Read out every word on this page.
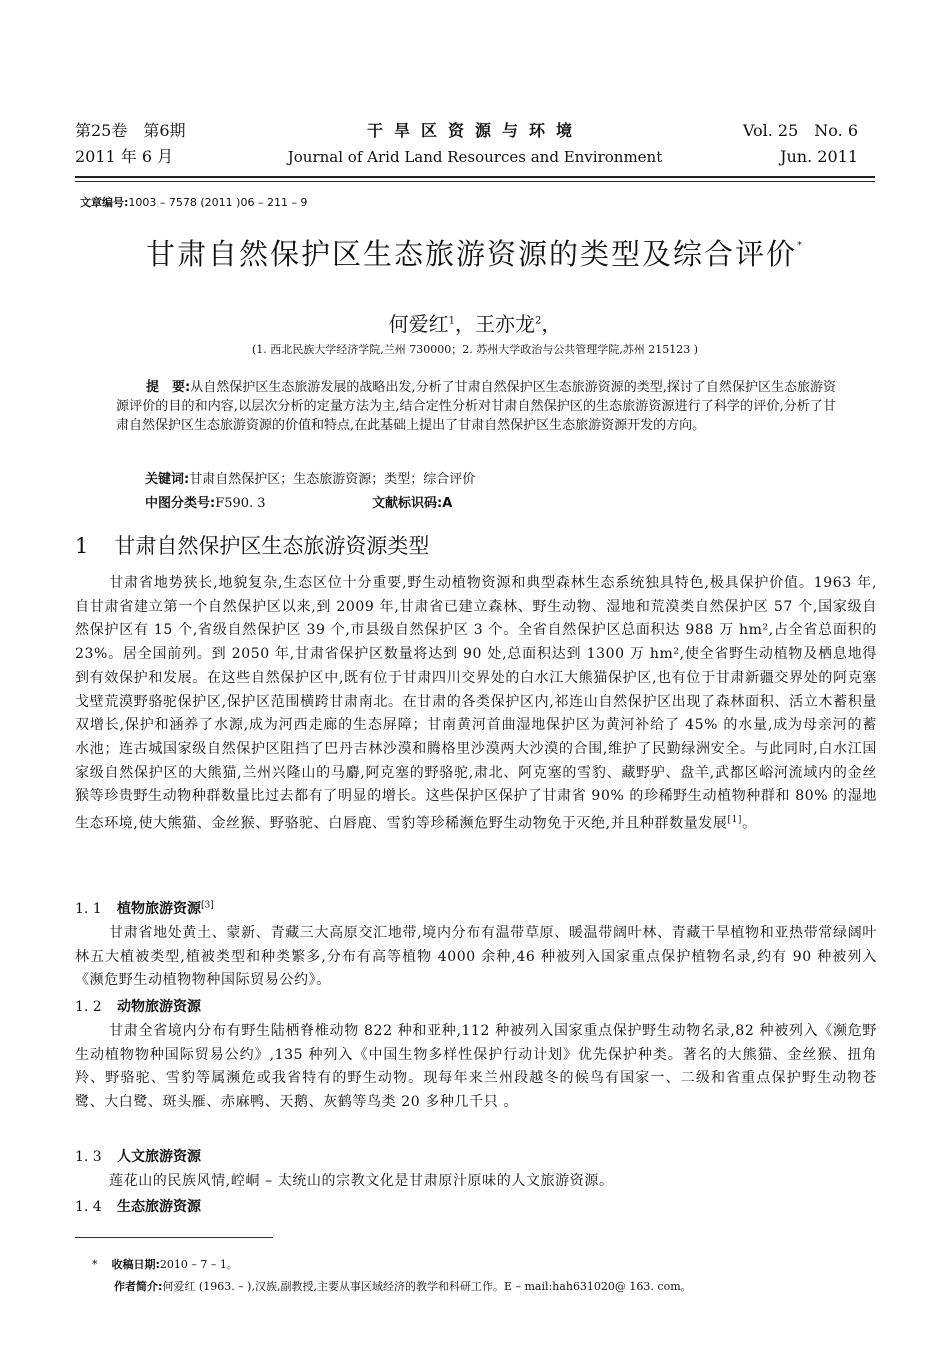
第25卷　第6期
2011 年 6 月
干旱区资源与环境
Journal of Arid Land Resources and Environment
Vol. 25　No. 6
Jun. 2011
文章编号:1003 – 7578 (2011 )06 – 211 – 9
甘肃自然保护区生态旅游资源的类型及综合评价*
何爱红$^1$，王亦龙$^2$，
(1. 西北民族大学经济学院,兰州 730000；2. 苏州大学政治与公共管理学院,苏州 215123 )
提　要:从自然保护区生态旅游发展的战略出发,分析了甘肃自然保护区生态旅游资源的类型,探讨了自然保护区生态旅游资源评价的目的和内容,以层次分析的定量方法为主,结合定性分析对甘肃自然保护区的生态旅游资源进行了科学的评价,分析了甘肃自然保护区生态旅游资源的价值和特点,在此基础上提出了甘肃自然保护区生态旅游资源开发的方向。
关键词:甘肃自然保护区；生态旅游资源；类型；综合评价
中图分类号:F590. 3	文献标识码:A
1 甘肃自然保护区生态旅游资源类型
甘肃省地势狭长,地貌复杂,生态区位十分重要,野生动植物资源和典型森林生态系统独具特色,极具保护价值。1963 年,自甘肃省建立第一个自然保护区以来,到 2009 年,甘肃省已建立森林、野生动物、湿地和荒漠类自然保护区 57 个,国家级自然保护区有 15 个,省级自然保护区 39 个,市县级自然保护区 3 个。全省自然保护区总面积达 988 万 hm²,占全省总面积的 23%。居全国前列。到 2050 年,甘肃省保护区数量将达到 90 处,总面积达到 1300 万 hm²,使全省野生动植物及栖息地得到有效保护和发展。在这些自然保护区中,既有位于甘肃四川交界处的白水江大熊猫保护区,也有位于甘肃新疆交界处的阿克塞戈壁荒漠野骆驼保护区,保护区范围横跨甘肃南北。在甘肃的各类保护区内,祁连山自然保护区出现了森林面积、活立木蓄积量双增长,保护和涵养了水源,成为河西走廊的生态屏障；甘南黄河首曲湿地保护区为黄河补给了 45% 的水量,成为母亲河的蓄水池；连古城国家级自然保护区阻挡了巴丹吉林沙漠和腾格里沙漠两大沙漠的合围,维护了民勤绿洲安全。与此同时,白水江国家级自然保护区的大熊猫,兰州兴隆山的马麝,阿克塞的野骆驼,肃北、阿克塞的雪豹、藏野驴、盘羊,武都区峪河流域内的金丝猴等珍贵野生动物种群数量比过去都有了明显的增长。这些保护区保护了甘肃省 90% 的珍稀野生动植物种群和 80% 的湿地生态环境,使大熊猫、金丝猴、野骆驼、白唇鹿、雪豹等珍稀濒危野生动物免于灭绝,并且种群数量发展[1]。
1. 1 植物旅游资源[3]
甘肃省地处黄土、蒙新、青藏三大高原交汇地带,境内分布有温带草原、暖温带阔叶林、青藏干旱植物和亚热带常绿阔叶林五大植被类型,植被类型和种类繁多,分布有高等植物 4000 余种,46 种被列入国家重点保护植物名录,约有 90 种被列入《濒危野生动植物物种国际贸易公约》。
1. 2 动物旅游资源
甘肃全省境内分布有野生陆栖脊椎动物 822 种和亚种,112 种被列入国家重点保护野生动物名录,82 种被列入《濒危野生动植物物种国际贸易公约》,135 种列入《中国生物多样性保护行动计划》优先保护种类。著名的大熊猫、金丝猴、扭角羚、野骆驼、雪豹等属濒危或我省特有的野生动物。现每年来兰州段越冬的候鸟有国家一、二级和省重点保护野生动物苍鹭、大白鹭、斑头雁、赤麻鸭、天鹅、灰鹤等鸟类 20 多种几千只 。
1. 3 人文旅游资源
莲花山的民族风情,崆峒 – 太统山的宗教文化是甘肃原汁原味的人文旅游资源。
1. 4 生态旅游资源
* 收稿日期:2010 – 7 – 1。
作者简介:何爱红 (1963. – ),汉族,副教授,主要从事区域经济的教学和科研工作。E – mail:hah631020@ 163. com。
